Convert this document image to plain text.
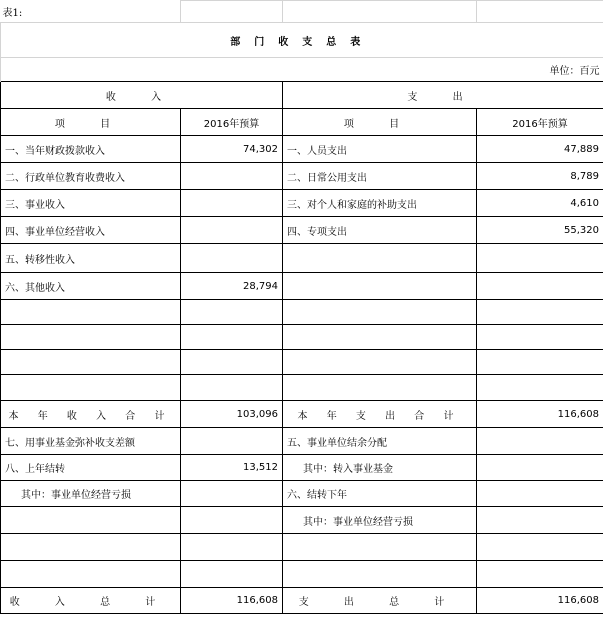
表1:			
部门收支总表			
单位：百元			
收 入		支 出	
项 目	2016年预算	项 目	2016年预算
一、当年财政拨款收入	74,302	一、人员支出	47,889
二、行政单位教育收费收入		二、日常公用支出	8,789
三、事业收入		三、对个人和家庭的补助支出	4,610
四、事业单位经营收入		四、专项支出	55,320
五、转移性收入			
六、其他收入	28,794		

本 年 收 入 合 计	103,096	本 年 支 出 合 计	116,608
七、用事业基金弥补收支差额		五、事业单位结余分配	
八、上年结转	13,512	其中：转入事业基金	
其中：事业单位经营亏损		六、结转下年	
		其中：事业单位经营亏损	

收 入 总 计	116,608	支 出 总 计	116,608
